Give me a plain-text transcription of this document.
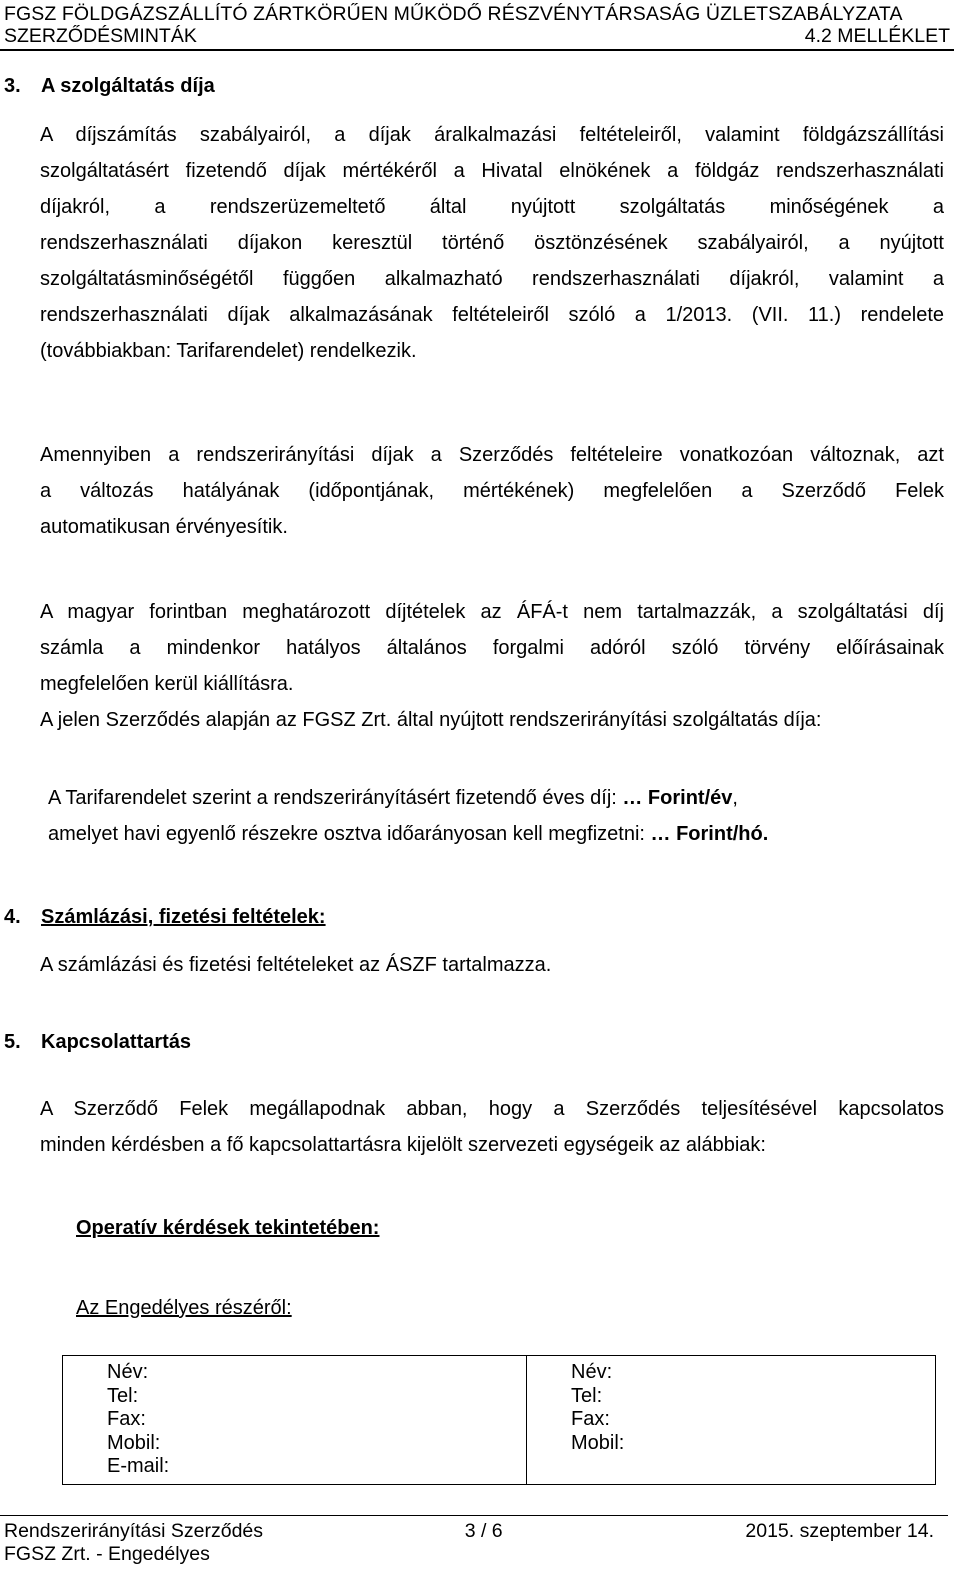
FGSZ FÖLDGÁZSZÁLLÍTÓ ZÁRTKÖRŰEN MŰKÖDŐ RÉSZVÉNYTÁRSASÁG ÜZLETSZABÁLYZATA
SZERZŐDÉSMINTÁK	4.2 MELLÉKLET
3. A szolgáltatás díja
A díjszámítás szabályairól, a díjak áralkalmazási feltételeiről, valamint földgázszállítási
szolgáltatásért fizetendő díjak mértékéről a Hivatal elnökének a földgáz rendszerhasználati
díjakról, a rendszerüzemeltető által nyújtott szolgáltatás minőségének a
rendszerhasználati díjakon keresztül történő ösztönzésének szabályairól, a nyújtott
szolgáltatásminőségétől függően alkalmazható rendszerhasználati díjakról, valamint a
rendszerhasználati díjak alkalmazásának feltételeiről szóló a 1/2013. (VII. 11.) rendelete
(továbbiakban: Tarifarendelet) rendelkezik.
Amennyiben a rendszerirányítási díjak a Szerződés feltételeire vonatkozóan változnak, azt
a változás hatályának (időpontjának, mértékének) megfelelően a Szerződő Felek
automatikusan érvényesítik.
A magyar forintban meghatározott díjtételek az ÁFÁ-t nem tartalmazzák, a szolgáltatási díj
számla a mindenkor hatályos általános forgalmi adóról szóló törvény előírásainak
megfelelően kerül kiállításra.
A jelen Szerződés alapján az FGSZ Zrt. által nyújtott rendszerirányítási szolgáltatás díja:
A Tarifarendelet szerint a rendszerirányításért fizetendő éves díj: … Forint/év,
amelyet havi egyenlő részekre osztva időarányosan kell megfizetni: … Forint/hó.
4. Számlázási, fizetési feltételek:
A számlázási és fizetési feltételeket az ÁSZF tartalmazza.
5. Kapcsolattartás
A Szerződő Felek megállapodnak abban, hogy a Szerződés teljesítésével kapcsolatos
minden kérdésben a fő kapcsolattartásra kijelölt szervezeti egységeik az alábbiak:
Operatív kérdések tekintetében:
Az Engedélyes részéről:
Név:
Tel:
Fax:
Mobil:
E-mail:

Név:
Tel:
Fax:
Mobil:
Rendszerirányítási Szerződés	3 / 6	2015. szeptember 14.
FGSZ Zrt. - Engedélyes
